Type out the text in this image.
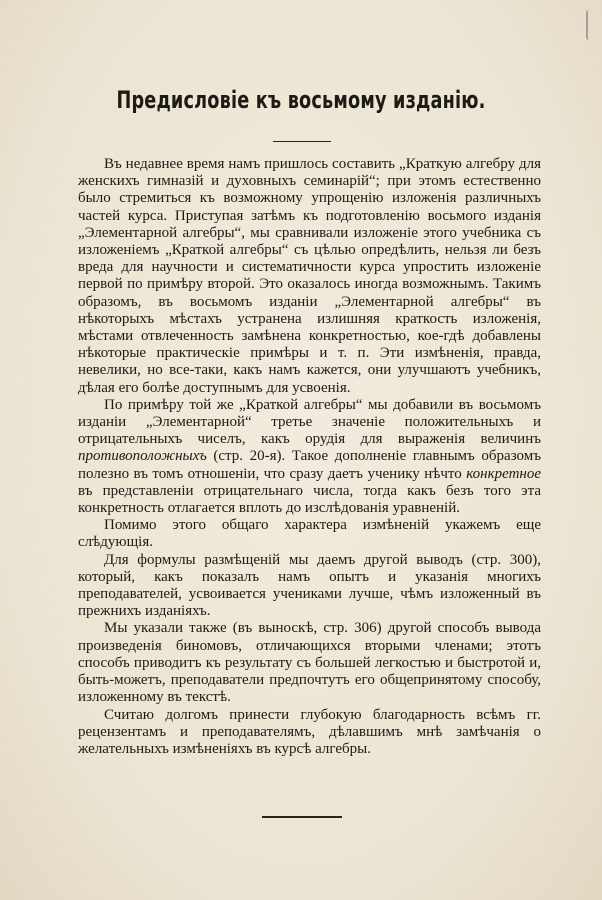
Предисловіе къ восьмому изданію.

Въ недавнее время намъ пришлось составить „Краткую алгебру для женскихъ гимназій и духовныхъ семинарій“; при этомъ естественно было стремиться къ возможному упрощенію изложенія различныхъ частей курса. Приступая затѣмъ къ подготовленію восьмого изданія „Элементарной алгебры“, мы сравнивали изложеніе этого учебника съ изложеніемъ „Краткой алгебры“ съ цѣлью опредѣлить, нельзя ли безъ вреда для научности и систематичности курса упростить изложеніе первой по примѣру второй. Это оказалось иногда возможнымъ. Такимъ образомъ, въ восьмомъ изданіи „Элементарной алгебры“ въ нѣкоторыхъ мѣстахъ устранена излишняя краткость изложенія, мѣстами отвлеченность замѣнена конкретностью, кое-гдѣ добавлены нѣкоторые практическіе примѣры и т. п. Эти измѣненія, правда, невелики, но все-таки, какъ намъ кажется, они улучшаютъ учебникъ, дѣлая его болѣе доступнымъ для усвоенія.

По примѣру той же „Краткой алгебры“ мы добавили въ восьмомъ изданіи „Элементарной“ третье значеніе положительныхъ и отрицательныхъ чиселъ, какъ орудія для выраженія величинъ противоположныхъ (стр. 20-я). Такое дополненіе главнымъ образомъ полезно въ томъ отношеніи, что сразу даетъ ученику нѣчто конкретное въ представленіи отрицательнаго числа, тогда какъ безъ того эта конкретность отлагается вплоть до изслѣдованія уравненій.

Помимо этого общаго характера измѣненій укажемъ еще слѣдующія.

Для формулы размѣщеній мы даемъ другой выводъ (стр. 300), который, какъ показалъ намъ опытъ и указанія многихъ преподавателей, усвоивается учениками лучше, чѣмъ изложенный въ прежнихъ изданіяхъ.

Мы указали также (въ выноскѣ, стр. 306) другой способъ вывода произведенія биномовъ, отличающихся вторыми членами; этотъ способъ приводитъ къ результату съ большей легкостью и быстротой и, быть-можетъ, преподаватели предпочтутъ его общепринятому способу, изложенному въ текстѣ.

Считаю долгомъ принести глубокую благодарность всѣмъ гг. рецензентамъ и преподавателямъ, дѣлавшимъ мнѣ замѣчанія о желательныхъ измѣненіяхъ въ курсѣ алгебры.
